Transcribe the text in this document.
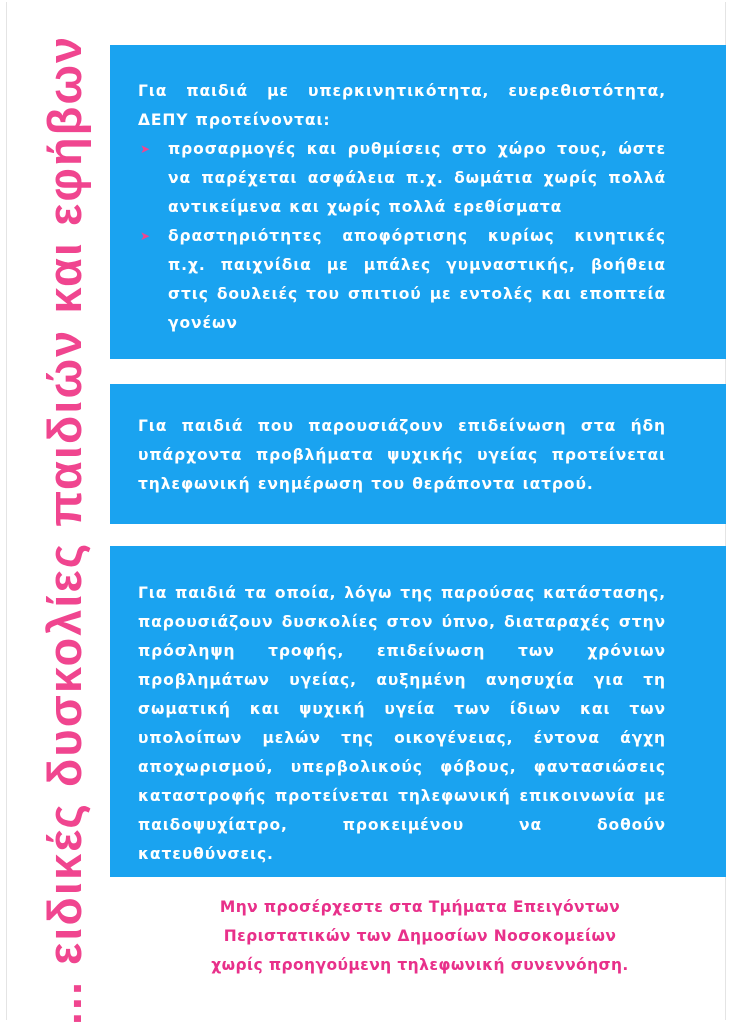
... ειδικές δυσκολίες παιδιών και εφήβων	Για παιδιά με υπερκινητικότητα, ευερεθιστότητα, ΔΕΠΥ προτείνονται:

➤ προσαρμογές και ρυθμίσεις στο χώρο τους, ώστε να παρέχεται ασφάλεια π.χ. δωμάτια χωρίς πολλά αντικείμενα και χωρίς πολλά ερεθίσματα
➤ δραστηριότητες αποφόρτισης κυρίως κινητικές π.χ. παιχνίδια με μπάλες γυμναστικής, βοήθεια στις δουλειές του σπιτιού με εντολές και εποπτεία γονέων

Για παιδιά που παρουσιάζουν επιδείνωση στα ήδη υπάρχοντα προβλήματα ψυχικής υγείας προτείνεται τηλεφωνική ενημέρωση του θεράποντα ιατρού.

Για παιδιά τα οποία, λόγω της παρούσας κατάστασης, παρουσιάζουν δυσκολίες στον ύπνο, διαταραχές στην πρόσληψη τροφής, επιδείνωση των χρόνιων προβλημάτων υγείας, αυξημένη ανησυχία για τη σωματική και ψυχική υγεία των ίδιων και των υπολοίπων μελών της οικογένειας, έντονα άγχη αποχωρισμού, υπερβολικούς φόβους, φαντασιώσεις καταστροφής προτείνεται τηλεφωνική επικοινωνία με παιδοψυχίατρο, προκειμένου να δοθούν κατευθύνσεις.

Μην προσέρχεστε στα Τμήματα Επειγόντων
Περιστατικών των Δημοσίων Νοσοκομείων
χωρίς προηγούμενη τηλεφωνική συνεννόηση.
